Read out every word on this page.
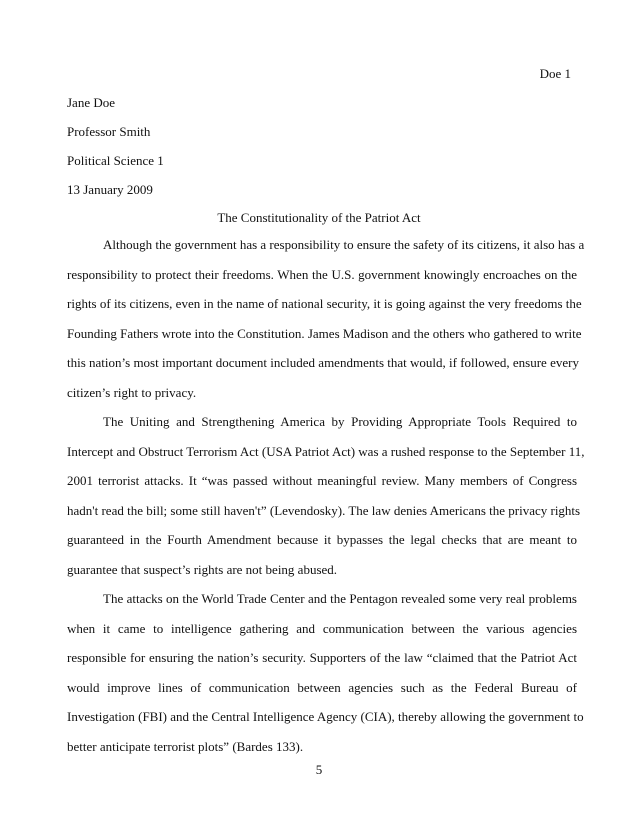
Doe 1
Jane Doe
Professor Smith
Political Science 1
13 January 2009
The Constitutionality of the Patriot Act
Although the government has a responsibility to ensure the safety of its citizens, it also has a
responsibility to protect their freedoms. When the U.S. government knowingly encroaches on the
rights of its citizens, even in the name of national security, it is going against the very freedoms the
Founding Fathers wrote into the Constitution. James Madison and the others who gathered to write
this nation’s most important document included amendments that would, if followed, ensure every
citizen’s right to privacy.
The Uniting and Strengthening America by Providing Appropriate Tools Required to
Intercept and Obstruct Terrorism Act (USA Patriot Act) was a rushed response to the September 11,
2001 terrorist attacks. It “was passed without meaningful review. Many members of Congress
hadn't read the bill; some still haven't” (Levendosky). The law denies Americans the privacy rights
guaranteed in the Fourth Amendment because it bypasses the legal checks that are meant to
guarantee that suspect’s rights are not being abused.
The attacks on the World Trade Center and the Pentagon revealed some very real problems
when it came to intelligence gathering and communication between the various agencies
responsible for ensuring the nation’s security. Supporters of the law “claimed that the Patriot Act
would improve lines of communication between agencies such as the Federal Bureau of
Investigation (FBI) and the Central Intelligence Agency (CIA), thereby allowing the government to
better anticipate terrorist plots” (Bardes 133).
5
